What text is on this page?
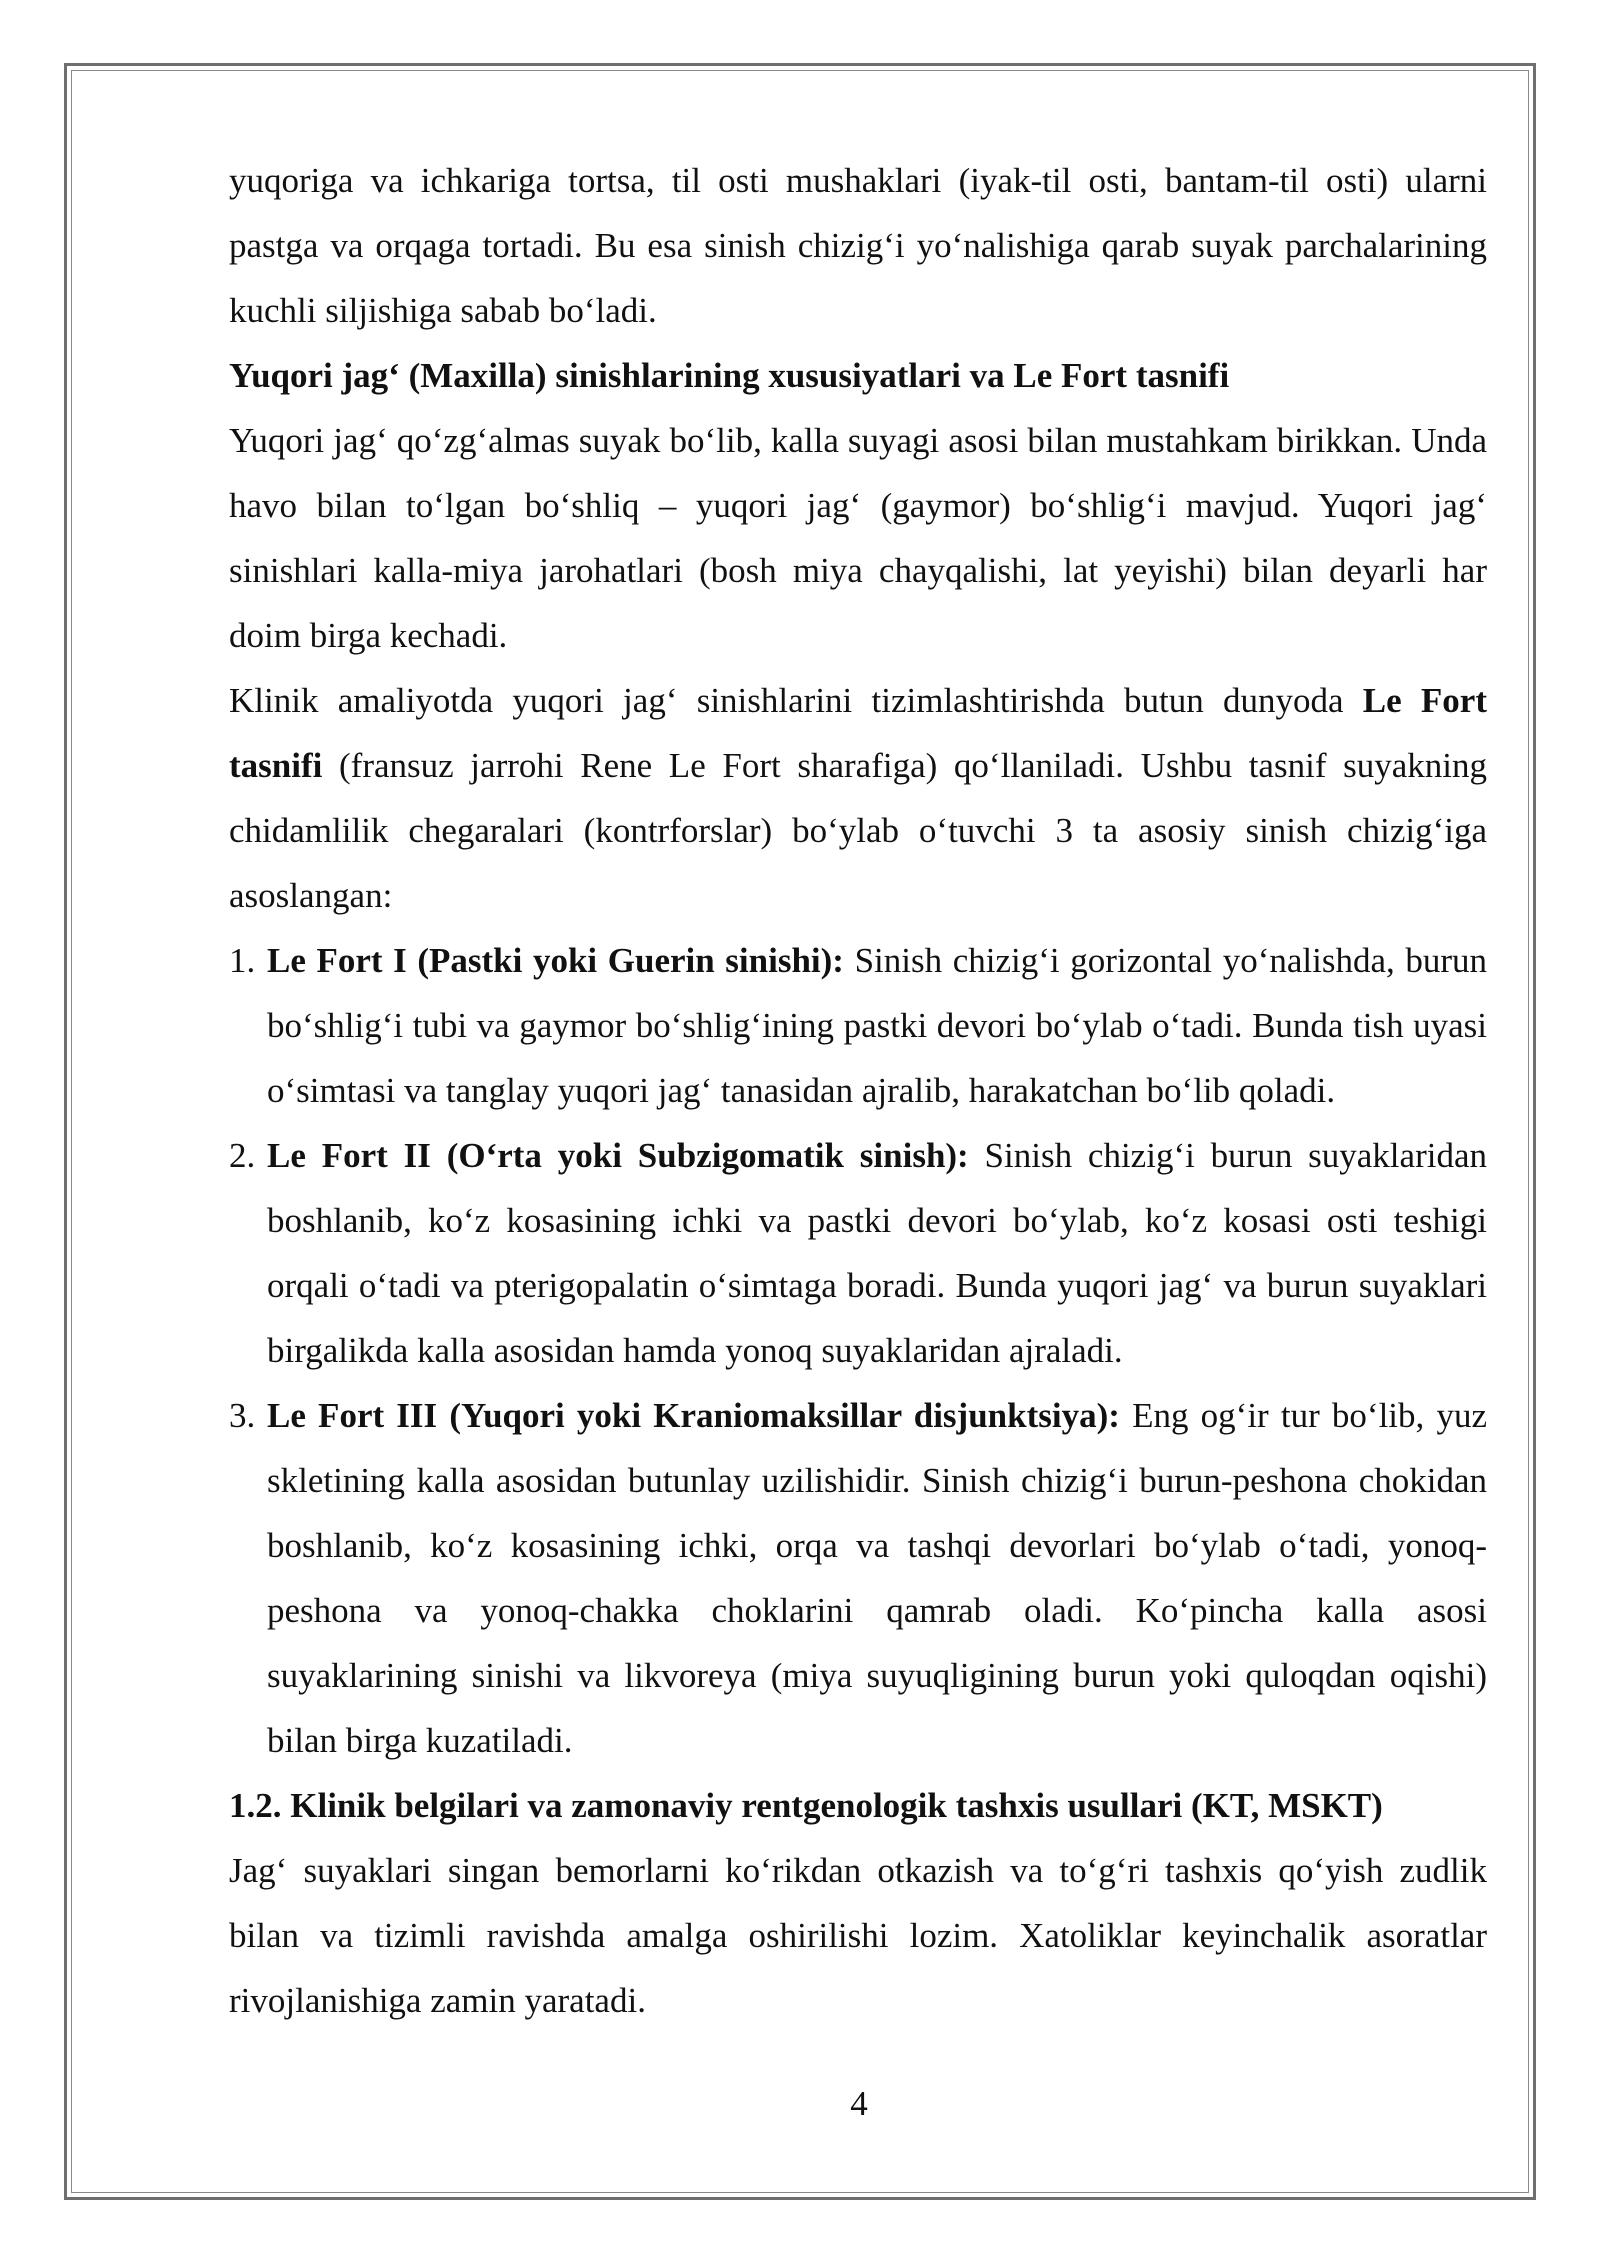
yuqoriga va ichkariga tortsa, til osti mushaklari (iyak-til osti, bantam-til osti) ularni pastga va orqaga tortadi. Bu esa sinish chizig‘i yo‘nalishiga qarab suyak parchalarining kuchli siljishiga sabab bo‘ladi.

Yuqori jag‘ (Maxilla) sinishlarining xususiyatlari va Le Fort tasnifi

Yuqori jag‘ qo‘zg‘almas suyak bo‘lib, kalla suyagi asosi bilan mustahkam birikkan. Unda havo bilan to‘lgan bo‘shliq – yuqori jag‘ (gaymor) bo‘shlig‘i mavjud. Yuqori jag‘ sinishlari kalla-miya jarohatlari (bosh miya chayqalishi, lat yeyishi) bilan deyarli har doim birga kechadi.

Klinik amaliyotda yuqori jag‘ sinishlarini tizimlashtirishda butun dunyoda Le Fort tasnifi (fransuz jarrohi Rene Le Fort sharafiga) qo‘llaniladi. Ushbu tasnif suyakning chidamlilik chegaralari (kontrforslar) bo‘ylab o‘tuvchi 3 ta asosiy sinish chizig‘iga asoslangan:

1. Le Fort I (Pastki yoki Guerin sinishi): Sinish chizig‘i gorizontal yo‘nalishda, burun bo‘shlig‘i tubi va gaymor bo‘shlig‘ining pastki devori bo‘ylab o‘tadi. Bunda tish uyasi o‘simtasi va tanglay yuqori jag‘ tanasidan ajralib, harakatchan bo‘lib qoladi.
2. Le Fort II (O‘rta yoki Subzigomatik sinish): Sinish chizig‘i burun suyaklaridan boshlanib, ko‘z kosasining ichki va pastki devori bo‘ylab, ko‘z kosasi osti teshigi orqali o‘tadi va pterigopalatin o‘simtaga boradi. Bunda yuqori jag‘ va burun suyaklari birgalikda kalla asosidan hamda yonoq suyaklaridan ajraladi.
3. Le Fort III (Yuqori yoki Kraniomaksillar disjunktsiya): Eng og‘ir tur bo‘lib, yuz skletining kalla asosidan butunlay uzilishidir. Sinish chizig‘i burun-peshona chokidan boshlanib, ko‘z kosasining ichki, orqa va tashqi devorlari bo‘ylab o‘tadi, yonoq-peshona va yonoq-chakka choklarini qamrab oladi. Ko‘pincha kalla asosi suyaklarining sinishi va likvoreya (miya suyuqligining burun yoki quloqdan oqishi) bilan birga kuzatiladi.

1.2. Klinik belgilari va zamonaviy rentgenologik tashxis usullari (KT, MSKT)

Jag‘ suyaklari singan bemorlarni ko‘rikdan otkazish va to‘g‘ri tashxis qo‘yish zudlik bilan va tizimli ravishda amalga oshirilishi lozim. Xatoliklar keyinchalik asoratlar rivojlanishiga zamin yaratadi.

4
